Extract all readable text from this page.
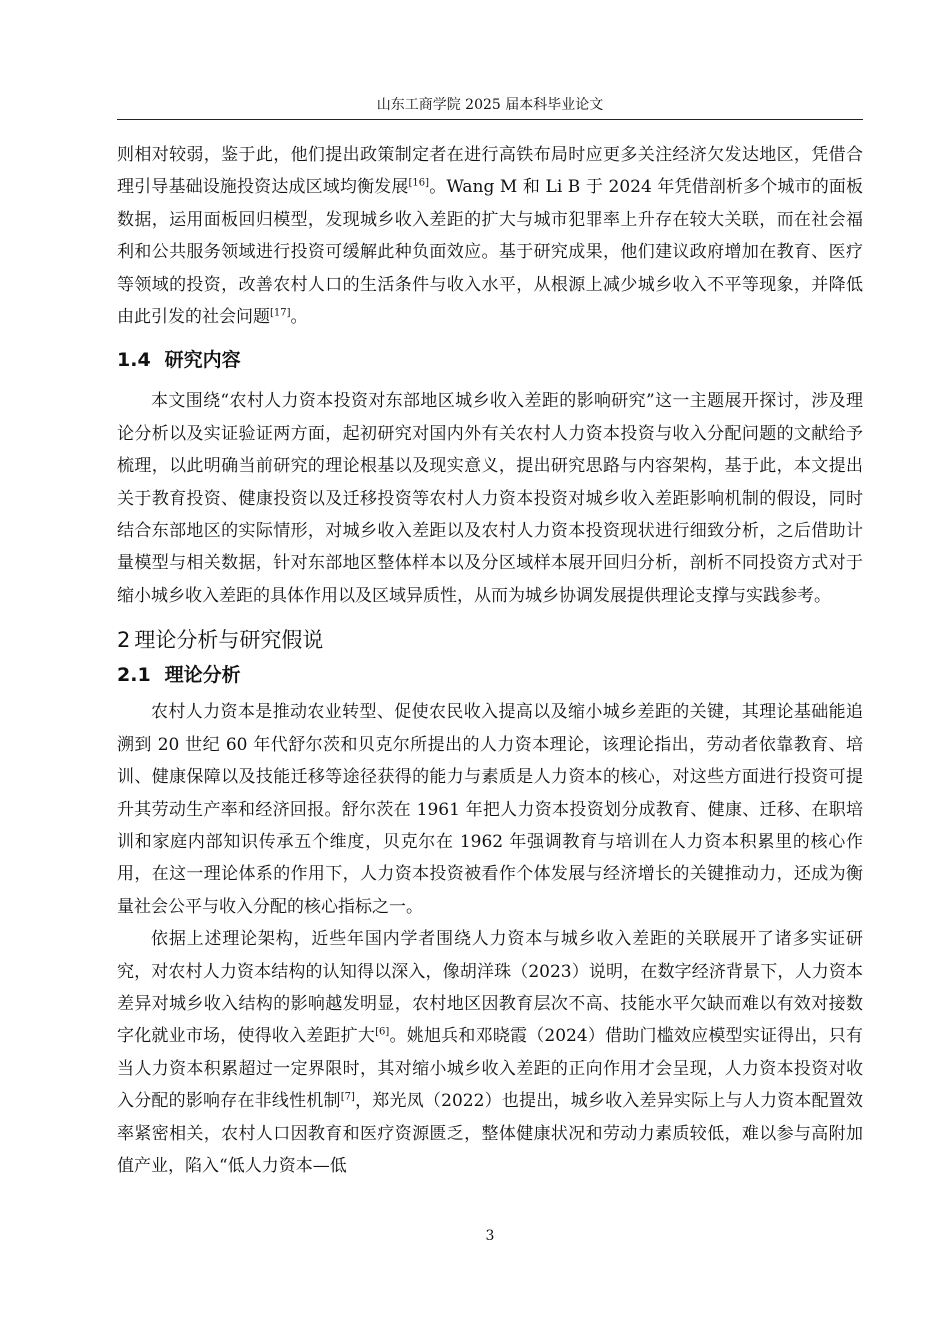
山东工商学院 2025 届本科毕业论文

则相对较弱，鉴于此，他们提出政策制定者在进行高铁布局时应更多关注经济欠发达地区，凭借合理引导基础设施投资达成区域均衡发展[16]。Wang M 和 Li B 于 2024 年凭借剖析多个城市的面板数据，运用面板回归模型，发现城乡收入差距的扩大与城市犯罪率上升存在较大关联，而在社会福利和公共服务领域进行投资可缓解此种负面效应。基于研究成果，他们建议政府增加在教育、医疗等领域的投资，改善农村人口的生活条件与收入水平，从根源上减少城乡收入不平等现象，并降低由此引发的社会问题[17]。

1.4 研究内容

本文围绕“农村人力资本投资对东部地区城乡收入差距的影响研究”这一主题展开探讨，涉及理论分析以及实证验证两方面，起初研究对国内外有关农村人力资本投资与收入分配问题的文献给予梳理，以此明确当前研究的理论根基以及现实意义，提出研究思路与内容架构，基于此，本文提出关于教育投资、健康投资以及迁移投资等农村人力资本投资对城乡收入差距影响机制的假设，同时结合东部地区的实际情形，对城乡收入差距以及农村人力资本投资现状进行细致分析，之后借助计量模型与相关数据，针对东部地区整体样本以及分区域样本展开回归分析，剖析不同投资方式对于缩小城乡收入差距的具体作用以及区域异质性，从而为城乡协调发展提供理论支撑与实践参考。

2 理论分析与研究假说
2.1 理论分析

农村人力资本是推动农业转型、促使农民收入提高以及缩小城乡差距的关键，其理论基础能追溯到 20 世纪 60 年代舒尔茨和贝克尔所提出的人力资本理论，该理论指出，劳动者依靠教育、培训、健康保障以及技能迁移等途径获得的能力与素质是人力资本的核心，对这些方面进行投资可提升其劳动生产率和经济回报。舒尔茨在 1961 年把人力资本投资划分成教育、健康、迁移、在职培训和家庭内部知识传承五个维度，贝克尔在 1962 年强调教育与培训在人力资本积累里的核心作用，在这一理论体系的作用下，人力资本投资被看作个体发展与经济增长的关键推动力，还成为衡量社会公平与收入分配的核心指标之一。

依据上述理论架构，近些年国内学者围绕人力资本与城乡收入差距的关联展开了诸多实证研究，对农村人力资本结构的认知得以深入，像胡洋珠（2023）说明，在数字经济背景下，人力资本差异对城乡收入结构的影响越发明显，农村地区因教育层次不高、技能水平欠缺而难以有效对接数字化就业市场，使得收入差距扩大[6]。姚旭兵和邓晓霞（2024）借助门槛效应模型实证得出，只有当人力资本积累超过一定界限时，其对缩小城乡收入差距的正向作用才会呈现，人力资本投资对收入分配的影响存在非线性机制[7]，郑光凤（2022）也提出，城乡收入差异实际上与人力资本配置效率紧密相关，农村人口因教育和医疗资源匮乏，整体健康状况和劳动力素质较低，难以参与高附加值产业，陷入“低人力资本—低

3
